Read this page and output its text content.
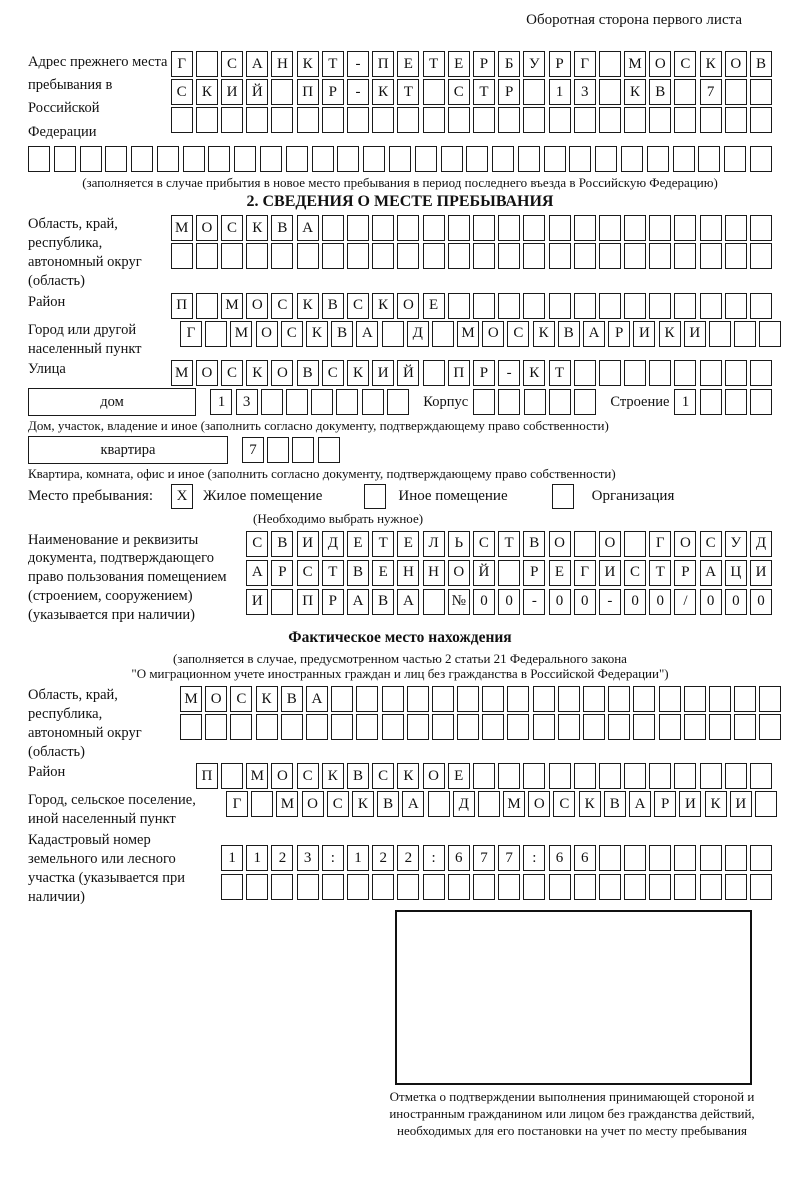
Оборотная сторона первого листа
Адрес прежнего места пребывания в Российской Федерации
Г	С А Н К	Т	-	П	Е	Т	Е	Р	Б	У	Р	Г	М О С	К О В
С	К И Й	П	Р	-	К	Т	С	Т	Р	1	3	К	В	7
(заполняется в случае прибытия в новое место пребывания в период последнего въезда в Российскую Федерацию)
2. СВЕДЕНИЯ О МЕСТЕ ПРЕБЫВАНИЯ
Область, край, республика, автономный округ (область)
М О С	К	В А
Район	П	М О С	К	В	С	К О	Е
Город или другой населенный пункт
Г	М О С	К	В А	Д	М О С	К	В А	Р	И К И
Улица	М О С	К О В	С	К И Й	П	Р	-	К	Т
дом	1	3	Корпус	Строение 1
Дом, участок, владение и иное (заполнить согласно документу, подтверждающему право собственности)
квартира	7
Квартира, комната, офис и иное (заполнить согласно документу, подтверждающему право собственности)
Место пребывания:	X	Жилое помещение	Иное помещение	Организация
(Необходимо выбрать нужное)
Наименование и реквизиты документа, подтверждающего право пользования помещением (строением, сооружением) (указывается при наличии)
С	В И Д	Е	Т	Е	Л	Ь	С	Т	В О	О	Г	О С У Д
А	Р	С	Т	В	Е	Н Н О Й	Р	Е	Г	И С	Т	Р	А Ц И
И	П	Р	А В А	№ 0	0	-	0	0	-	0	0	/	0	0	0
Фактическое место нахождения
(заполняется в случае, предусмотренном частью 2 статьи 21 Федерального закона
"О миграционном учете иностранных граждан и лиц без гражданства в Российской Федерации")
Область, край, республика, автономный округ (область)
М О С	К	В А
Район	П	М О С	К	В	С	К О	Е
Город, сельское поселение, иной населенный пункт
Г	М О С	К	В А	Д	М О С	К	В А	Р	И К И
Кадастровый номер земельного или лесного участка (указывается при наличии)
1	1	2	3	:	1	2	2	:	6	7	7	:	6	6
Отметка о подтверждении выполнения принимающей стороной и иностранным гражданином или лицом без гражданства действий, необходимых для его постановки на учет по месту пребывания
